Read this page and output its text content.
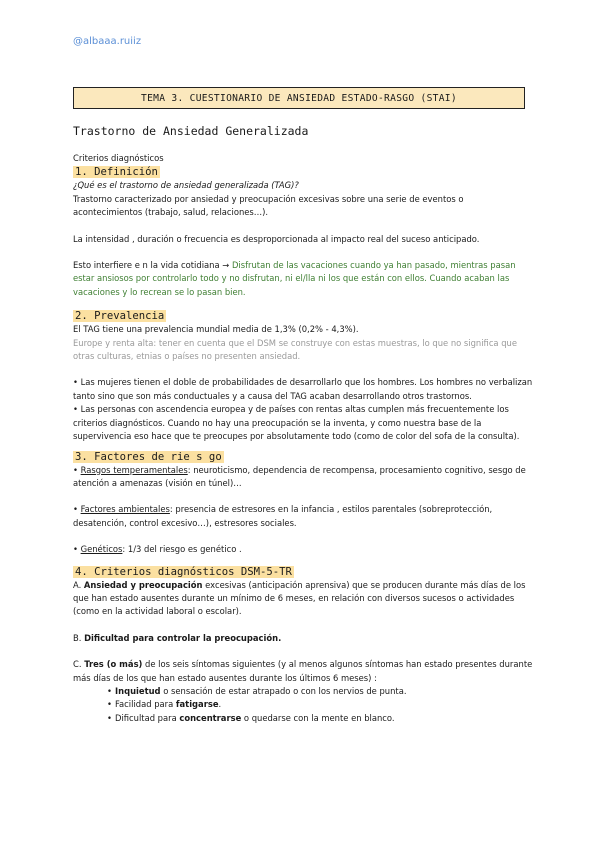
@albaaa.ruiiz
TEMA 3. CUESTIONARIO DE ANSIEDAD ESTADO-RASGO (STAI)
Trastorno de Ansiedad Generalizada

Criterios diagnósticos

1. Definición

¿Qué es el trastorno de ansiedad generalizada (TAG)?

Trastorno caracterizado por ansiedad y preocupación excesivas sobre una serie de eventos o acontecimientos (trabajo, salud, relaciones…).

La intensidad , duración o frecuencia es desproporcionada al impacto real del suceso anticipado.

Esto interfiere e n la vida cotidiana → Disfrutan de las vacaciones cuando ya han pasado, mientras pasan estar ansiosos por controlarlo todo y no disfrutan, ni el/lla ni los que están con ellos. Cuando acaban las vacaciones y lo recrean se lo pasan bien.

2. Prevalencia

El TAG tiene una prevalencia mundial media de 1,3% (0,2% - 4,3%).

Europe y renta alta: tener en cuenta que el DSM se construye con estas muestras, lo que no significa que otras culturas, etnias o países no presenten ansiedad.

• Las mujeres tienen el doble de probabilidades de desarrollarlo que los hombres. Los hombres no verbalizan tanto sino que son más conductuales y a causa del TAG acaban desarrollando otros trastornos.

• Las personas con ascendencia europea y de países con rentas altas cumplen más frecuentemente los criterios diagnósticos. Cuando no hay una preocupación se la inventa, y como nuestra base de la supervivencia eso hace que te preocupes por absolutamente todo (como de color del sofa de la consulta).

3. Factores de rie s go

• Rasgos temperamentales: neuroticismo, dependencia de recompensa, procesamiento cognitivo, sesgo de atención a amenazas (visión en túnel)…

• Factores ambientales: presencia de estresores en la infancia , estilos parentales (sobreprotección, desatención, control excesivo…), estresores sociales.

• Genéticos: 1/3 del riesgo es genético .

4. Criterios diagnósticos DSM-5-TR

A. Ansiedad y preocupación excesivas (anticipación aprensiva) que se producen durante más días de los que han estado ausentes durante un mínimo de 6 meses, en relación con diversos sucesos o actividades (como en la actividad laboral o escolar).

B. Dificultad para controlar la preocupación.

C. Tres (o más) de los seis síntomas siguientes (y al menos algunos síntomas han estado presentes durante más días de los que han estado ausentes durante los últimos 6 meses) :

• Inquietud o sensación de estar atrapado o con los nervios de punta.
• Facilidad para fatigarse.
• Dificultad para concentrarse o quedarse con la mente en blanco.
